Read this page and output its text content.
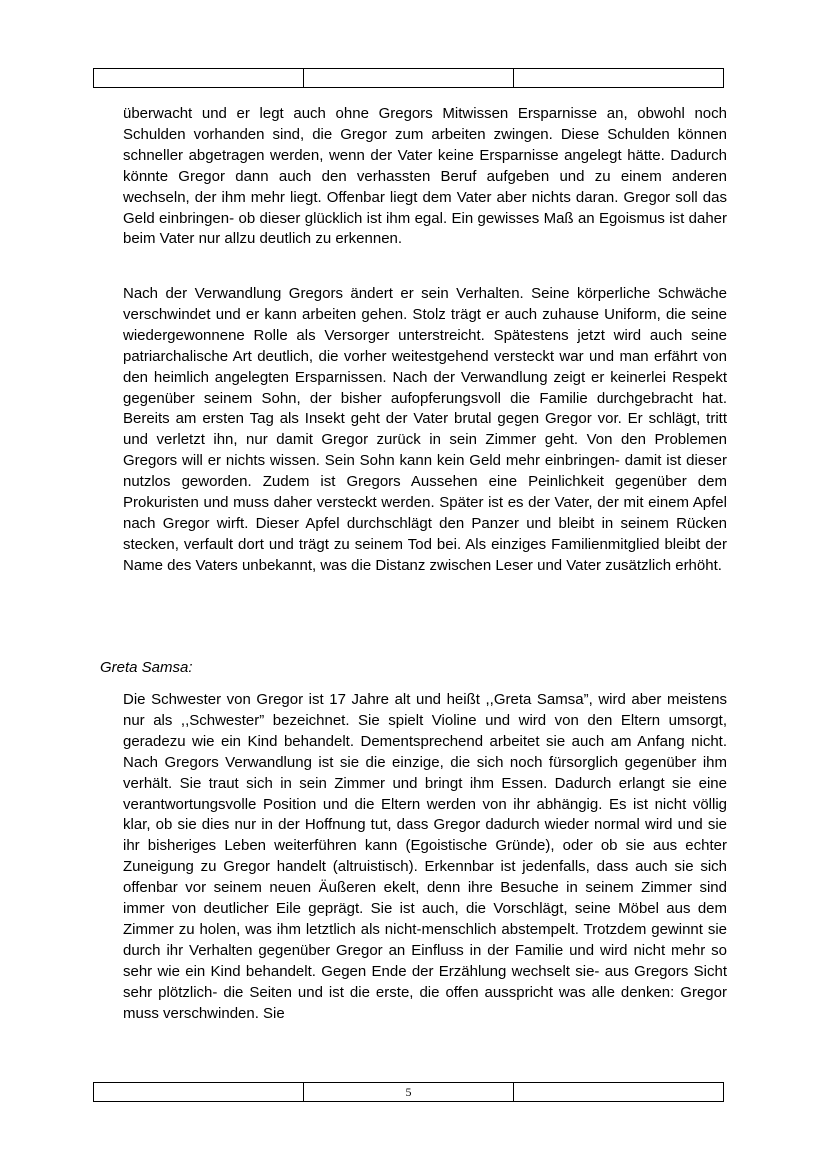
überwacht und er legt auch ohne Gregors Mitwissen Ersparnisse an, obwohl noch Schulden vorhanden sind, die Gregor zum arbeiten zwingen. Diese Schulden können schneller abgetragen werden, wenn der Vater keine Ersparnisse angelegt hätte. Dadurch könnte Gregor dann auch den verhassten Beruf aufgeben und zu einem anderen wechseln, der ihm mehr liegt. Offenbar liegt dem Vater aber nichts daran. Gregor soll das Geld einbringen- ob dieser glücklich ist ihm egal. Ein gewisses Maß an Egoismus ist daher beim Vater nur allzu deutlich zu erkennen.

Nach der Verwandlung Gregors ändert er sein Verhalten. Seine körperliche Schwäche verschwindet und er kann arbeiten gehen. Stolz trägt er auch zuhause Uniform, die seine wiedergewonnene Rolle als Versorger unterstreicht. Spätestens jetzt wird auch seine patriarchalische Art deutlich, die vorher weitestgehend versteckt war und man erfährt von den heimlich angelegten Ersparnissen. Nach der Verwandlung zeigt er keinerlei Respekt gegenüber seinem Sohn, der bisher aufopferungsvoll die Familie durchgebracht hat. Bereits am ersten Tag als Insekt geht der Vater brutal gegen Gregor vor. Er schlägt, tritt und verletzt ihn, nur damit Gregor zurück in sein Zimmer geht. Von den Problemen Gregors will er nichts wissen. Sein Sohn kann kein Geld mehr einbringen- damit ist dieser nutzlos geworden. Zudem ist Gregors Aussehen eine Peinlichkeit gegenüber dem Prokuristen und muss daher versteckt werden. Später ist es der Vater, der mit einem Apfel nach Gregor wirft. Dieser Apfel durchschlägt den Panzer und bleibt in seinem Rücken stecken, verfault dort und trägt zu seinem Tod bei. Als einziges Familienmitglied bleibt der Name des Vaters unbekannt, was die Distanz zwischen Leser und Vater zusätzlich erhöht.

Greta Samsa:

Die Schwester von Gregor ist 17 Jahre alt und heißt ,,Greta Samsa”, wird aber meistens nur als ,,Schwester” bezeichnet. Sie spielt Violine und wird von den Eltern umsorgt, geradezu wie ein Kind behandelt. Dementsprechend arbeitet sie auch am Anfang nicht. Nach Gregors Verwandlung ist sie die einzige, die sich noch fürsorglich gegenüber ihm verhält. Sie traut sich in sein Zimmer und bringt ihm Essen. Dadurch erlangt sie eine verantwortungsvolle Position und die Eltern werden von ihr abhängig. Es ist nicht völlig klar, ob sie dies nur in der Hoffnung tut, dass Gregor dadurch wieder normal wird und sie ihr bisheriges Leben weiterführen kann (Egoistische Gründe), oder ob sie aus echter Zuneigung zu Gregor handelt (altruistisch). Erkennbar ist jedenfalls, dass auch sie sich offenbar vor seinem neuen Äußeren ekelt, denn ihre Besuche in seinem Zimmer sind immer von deutlicher Eile geprägt. Sie ist auch, die Vorschlägt, seine Möbel aus dem Zimmer zu holen, was ihm letztlich als nicht-menschlich abstempelt. Trotzdem gewinnt sie durch ihr Verhalten gegenüber Gregor an Einfluss in der Familie und wird nicht mehr so sehr wie ein Kind behandelt. Gegen Ende der Erzählung wechselt sie- aus Gregors Sicht sehr plötzlich- die Seiten und ist die erste, die offen ausspricht was alle denken: Gregor muss verschwinden. Sie

	5	
